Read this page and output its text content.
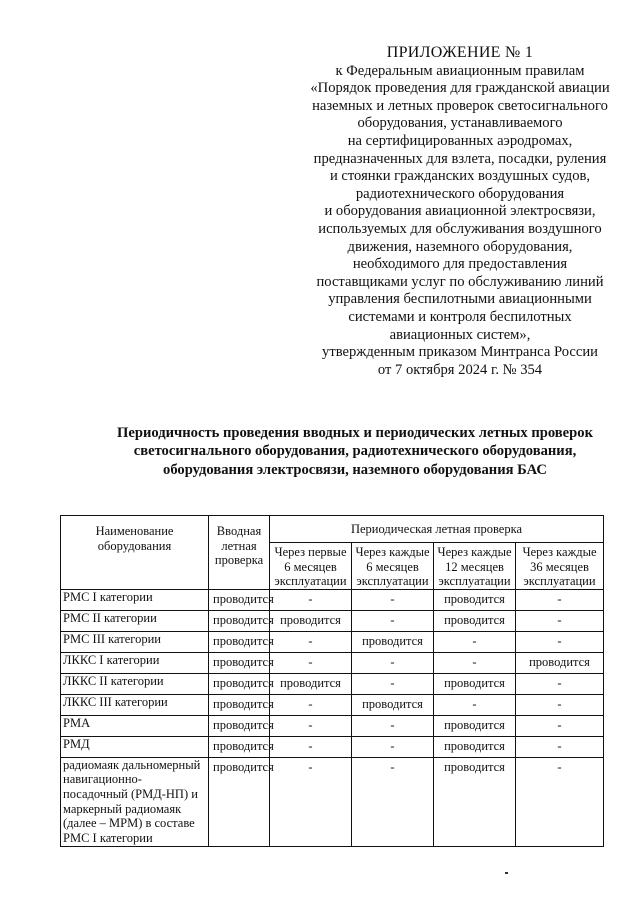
ПРИЛОЖЕНИЕ № 1
к Федеральным авиационным правилам
«Порядок проведения для гражданской авиации
наземных и летных проверок светосигнального
оборудования, устанавливаемого
на сертифицированных аэродромах,
предназначенных для взлета, посадки, руления
и стоянки гражданских воздушных судов,
радиотехнического оборудования
и оборудования авиационной электросвязи,
используемых для обслуживания воздушного
движения, наземного оборудования,
необходимого для предоставления
поставщиками услуг по обслуживанию линий
управления беспилотными авиационными
системами и контроля беспилотных
авиационных систем»,
утвержденным приказом Минтранса России
от 7 октября 2024 г. № 354
Периодичность проведения вводных и периодических летных проверок
светосигнального оборудования, радиотехнического оборудования,
оборудования электросвязи, наземного оборудования БАС
Наименование оборудования	Вводная летная проверка	Периодическая летная проверка			
		Через первые 6 месяцев эксплуатации	Через каждые 6 месяцев эксплуатации	Через каждые 12 месяцев эксплуатации	Через каждые 36 месяцев эксплуатации
РМС I категории	проводится	-	-	проводится	-
РМС II категории	проводится	проводится	-	проводится	-
РМС III категории	проводится	-	проводится	-	-
ЛККС I категории	проводится	-	-	-	проводится
ЛККС II категории	проводится	проводится	-	проводится	-
ЛККС III категории	проводится	-	проводится	-	-
РМА	проводится	-	-	проводится	-
РМД	проводится	-	-	проводится	-
радиомаяк дальномерный навигационно-посадочный (РМД-НП) и маркерный радиомаяк (далее – МРМ) в составе РМС I категории	проводится	-	-	проводится	-
